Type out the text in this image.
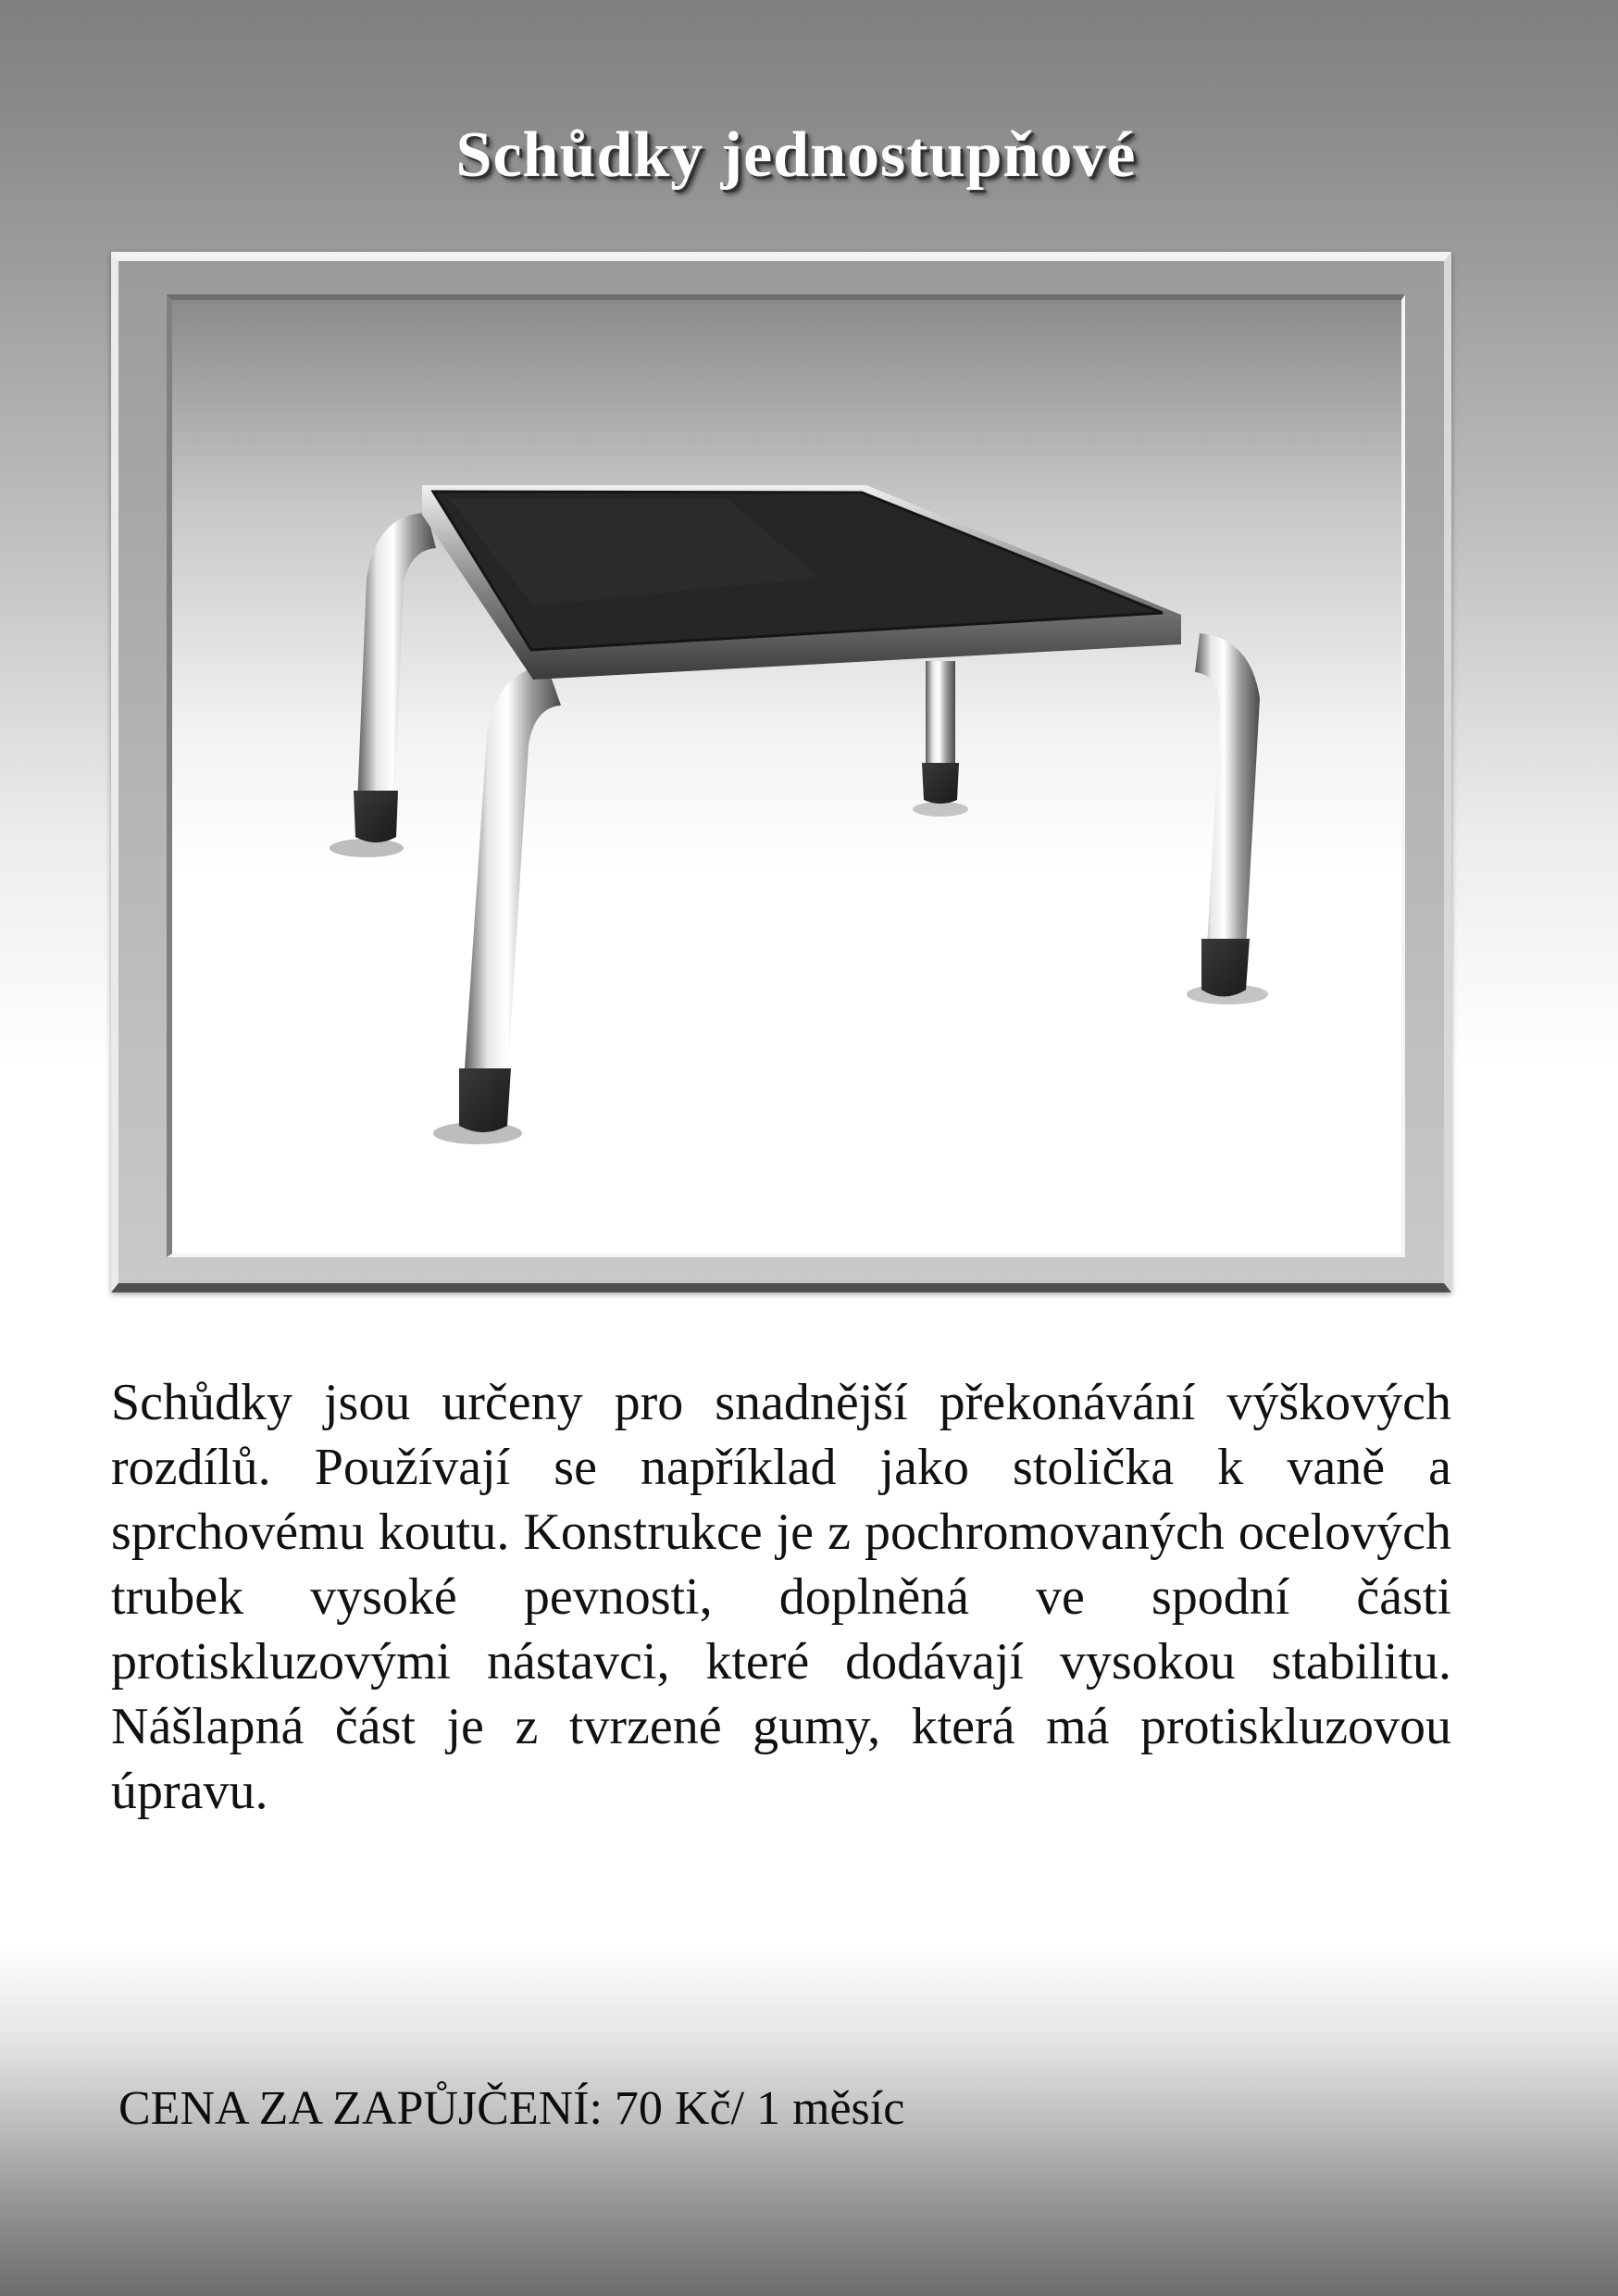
Schůdky jednostupňové

Schůdky jsou určeny pro snadnější překonávání výškových rozdílů. Používají se například jako stolička k vaně a sprchovému koutu. Konstrukce je z pochromovaných ocelových trubek vysoké pevnosti, doplněná ve spodní části protiskluzovými nástavci, které dodávají vysokou stabilitu. Nášlapná část je z tvrzené gumy, která má protiskluzovou úpravu.

CENA ZA ZAPŮJČENÍ: 70 Kč/ 1 měsíc
